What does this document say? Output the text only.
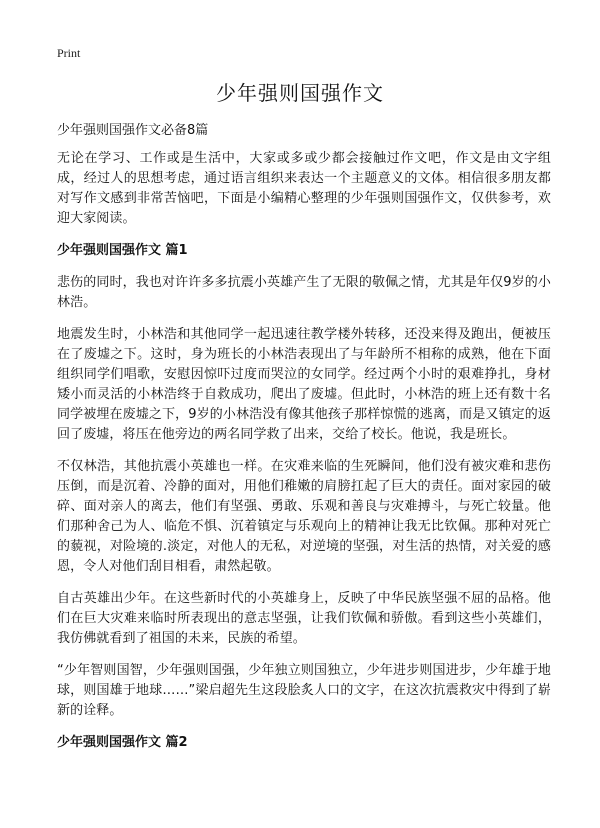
Print
少年强则国强作文

少年强则国强作文必备8篇

无论在学习、工作或是生活中，大家或多或少都会接触过作文吧，作文是由文字组成，经过人的思想考虑，通过语言组织来表达一个主题意义的文体。相信很多朋友都对写作文感到非常苦恼吧，下面是小编精心整理的少年强则国强作文，仅供参考，欢迎大家阅读。

少年强则国强作文 篇1

悲伤的同时，我也对许许多多抗震小英雄产生了无限的敬佩之情，尤其是年仅9岁的小林浩。

地震发生时，小林浩和其他同学一起迅速往教学楼外转移，还没来得及跑出，便被压在了废墟之下。这时，身为班长的小林浩表现出了与年龄所不相称的成熟，他在下面组织同学们唱歌，安慰因惊吓过度而哭泣的女同学。经过两个小时的艰难挣扎，身材矮小而灵活的小林浩终于自救成功，爬出了废墟。但此时，小林浩的班上还有数十名同学被埋在废墟之下，9岁的小林浩没有像其他孩子那样惊慌的逃离，而是又镇定的返回了废墟，将压在他旁边的两名同学救了出来，交给了校长。他说，我是班长。

不仅林浩，其他抗震小英雄也一样。在灾难来临的生死瞬间，他们没有被灾难和悲伤压倒，而是沉着、冷静的面对，用他们稚嫩的肩膀扛起了巨大的责任。面对家园的破碎、面对亲人的离去，他们有坚强、勇敢、乐观和善良与灾难搏斗，与死亡较量。他们那种舍己为人、临危不惧、沉着镇定与乐观向上的精神让我无比钦佩。那种对死亡的藐视，对险境的.淡定，对他人的无私，对逆境的坚强，对生活的热情，对关爱的感恩，令人对他们刮目相看，肃然起敬。

自古英雄出少年。在这些新时代的小英雄身上，反映了中华民族坚强不屈的品格。他们在巨大灾难来临时所表现出的意志坚强，让我们钦佩和骄傲。看到这些小英雄们，我仿佛就看到了祖国的未来，民族的希望。

“少年智则国智，少年强则国强，少年独立则国独立，少年进步则国进步，少年雄于地球，则国雄于地球……”梁启超先生这段脍炙人口的文字，在这次抗震救灾中得到了崭新的诠释。

少年强则国强作文 篇2
